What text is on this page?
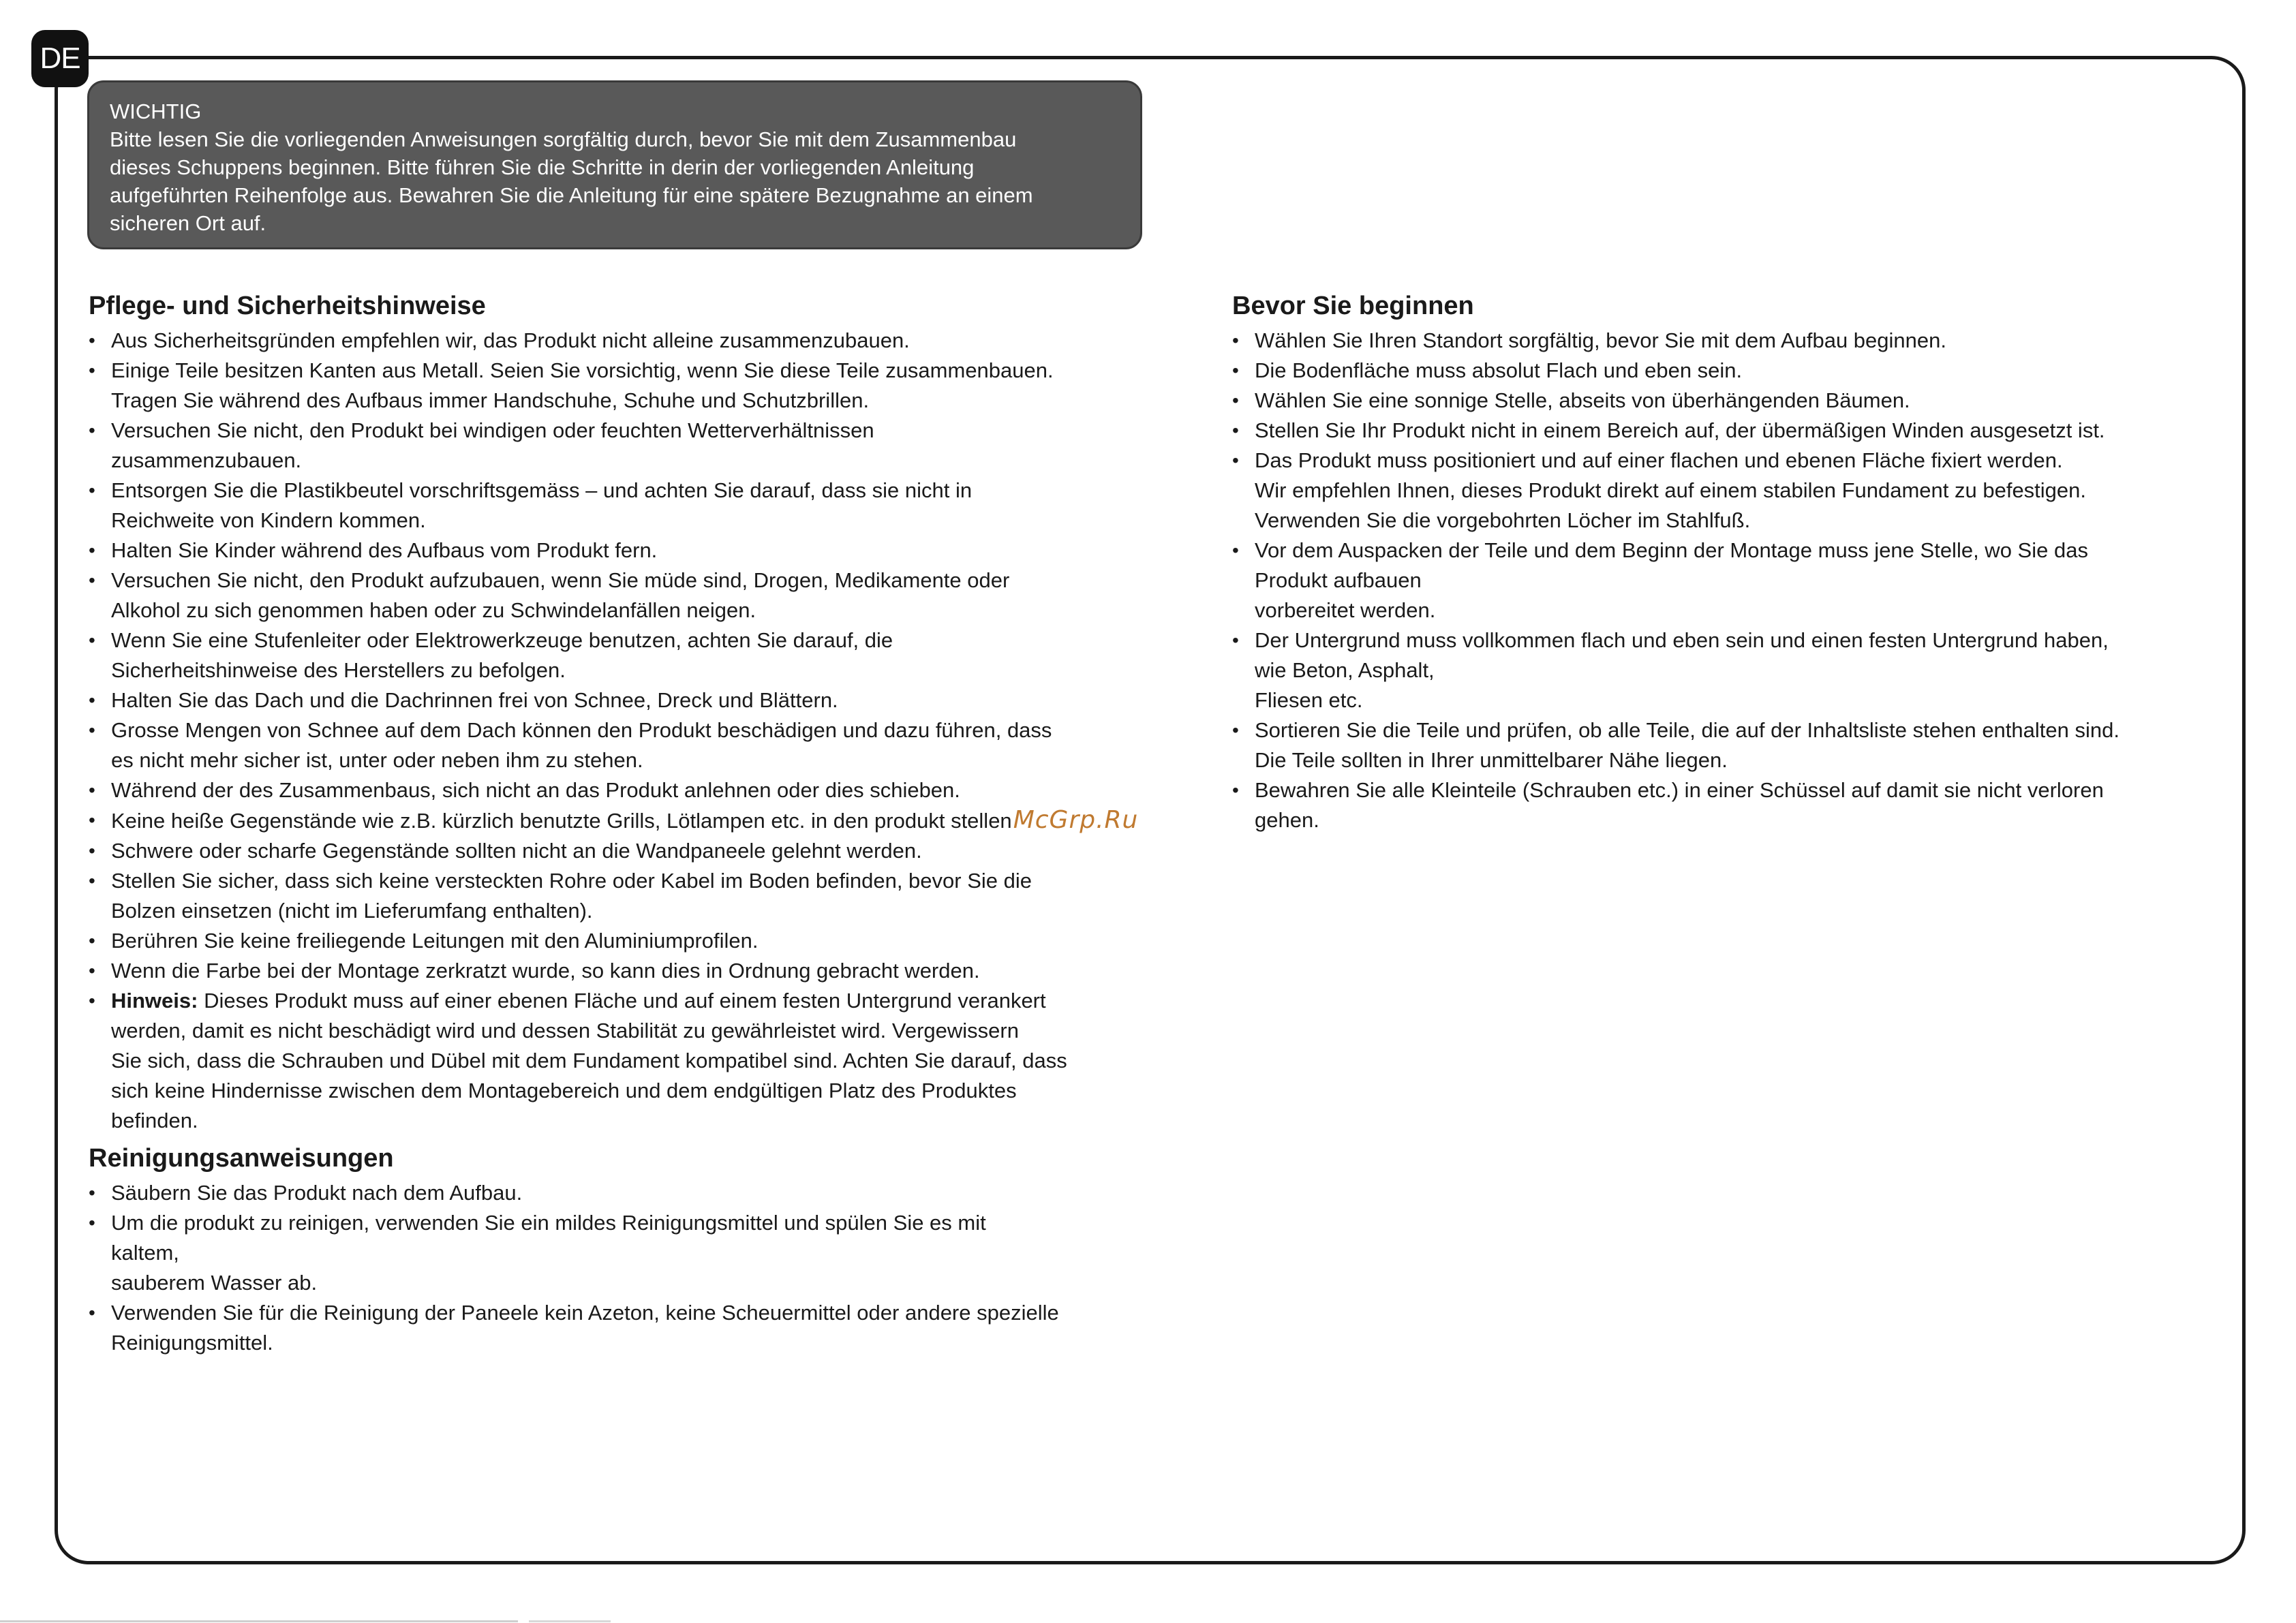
DE
WICHTIG
Bitte lesen Sie die vorliegenden Anweisungen sorgfältig durch, bevor Sie mit dem Zusammenbau
dieses Schuppens beginnen. Bitte führen Sie die Schritte in derin der vorliegenden Anleitung
aufgeführten Reihenfolge aus. Bewahren Sie die Anleitung für eine spätere Bezugnahme an einem
sicheren Ort auf.
Pflege- und Sicherheitshinweise
• Aus Sicherheitsgründen empfehlen wir, das Produkt nicht alleine zusammenzubauen.
• Einige Teile besitzen Kanten aus Metall. Seien Sie vorsichtig, wenn Sie diese Teile zusammenbauen.
Tragen Sie während des Aufbaus immer Handschuhe, Schuhe und Schutzbrillen.
• Versuchen Sie nicht, den Produkt bei windigen oder feuchten Wetterverhältnissen
zusammenzubauen.
• Entsorgen Sie die Plastikbeutel vorschriftsgemäss – und achten Sie darauf, dass sie nicht in
Reichweite von Kindern kommen.
• Halten Sie Kinder während des Aufbaus vom Produkt fern.
• Versuchen Sie nicht, den Produkt aufzubauen, wenn Sie müde sind, Drogen, Medikamente oder
Alkohol zu sich genommen haben oder zu Schwindelanfällen neigen.
• Wenn Sie eine Stufenleiter oder Elektrowerkzeuge benutzen, achten Sie darauf, die
Sicherheitshinweise des Herstellers zu befolgen.
• Halten Sie das Dach und die Dachrinnen frei von Schnee, Dreck und Blättern.
• Grosse Mengen von Schnee auf dem Dach können den Produkt beschädigen und dazu führen, dass
es nicht mehr sicher ist, unter oder neben ihm zu stehen.
• Während der des Zusammenbaus, sich nicht an das Produkt anlehnen oder dies schieben.
• Keine heiße Gegenstände wie z.B. kürzlich benutzte Grills, Lötlampen etc. in den produkt stellenMcGrp.Ru
• Schwere oder scharfe Gegenstände sollten nicht an die Wandpaneele gelehnt werden.
• Stellen Sie sicher, dass sich keine versteckten Rohre oder Kabel im Boden befinden, bevor Sie die
Bolzen einsetzen (nicht im Lieferumfang enthalten).
• Berühren Sie keine freiliegende Leitungen mit den Aluminiumprofilen.
• Wenn die Farbe bei der Montage zerkratzt wurde, so kann dies in Ordnung gebracht werden.
• Hinweis: Dieses Produkt muss auf einer ebenen Fläche und auf einem festen Untergrund verankert
werden, damit es nicht beschädigt wird und dessen Stabilität zu gewährleistet wird. Vergewissern
Sie sich, dass die Schrauben und Dübel mit dem Fundament kompatibel sind. Achten Sie darauf, dass
sich keine Hindernisse zwischen dem Montagebereich und dem endgültigen Platz des Produktes
befinden.
Reinigungsanweisungen
• Säubern Sie das Produkt nach dem Aufbau.
• Um die produkt zu reinigen, verwenden Sie ein mildes Reinigungsmittel und spülen Sie es mit
kaltem,
sauberem Wasser ab.
• Verwenden Sie für die Reinigung der Paneele kein Azeton, keine Scheuermittel oder andere spezielle
Reinigungsmittel.
Bevor Sie beginnen
• Wählen Sie Ihren Standort sorgfältig, bevor Sie mit dem Aufbau beginnen.
• Die Bodenfläche muss absolut Flach und eben sein.
• Wählen Sie eine sonnige Stelle, abseits von überhängenden Bäumen.
• Stellen Sie Ihr Produkt nicht in einem Bereich auf, der übermäßigen Winden ausgesetzt ist.
• Das Produkt muss positioniert und auf einer flachen und ebenen Fläche fixiert werden.
Wir empfehlen Ihnen, dieses Produkt direkt auf einem stabilen Fundament zu befestigen.
Verwenden Sie die vorgebohrten Löcher im Stahlfuß.
• Vor dem Auspacken der Teile und dem Beginn der Montage muss jene Stelle, wo Sie das
Produkt aufbauen
vorbereitet werden.
• Der Untergrund muss vollkommen flach und eben sein und einen festen Untergrund haben,
wie Beton, Asphalt,
Fliesen etc.
• Sortieren Sie die Teile und prüfen, ob alle Teile, die auf der Inhaltsliste stehen enthalten sind.
Die Teile sollten in Ihrer unmittelbarer Nähe liegen.
• Bewahren Sie alle Kleinteile (Schrauben etc.) in einer Schüssel auf damit sie nicht verloren
gehen.
